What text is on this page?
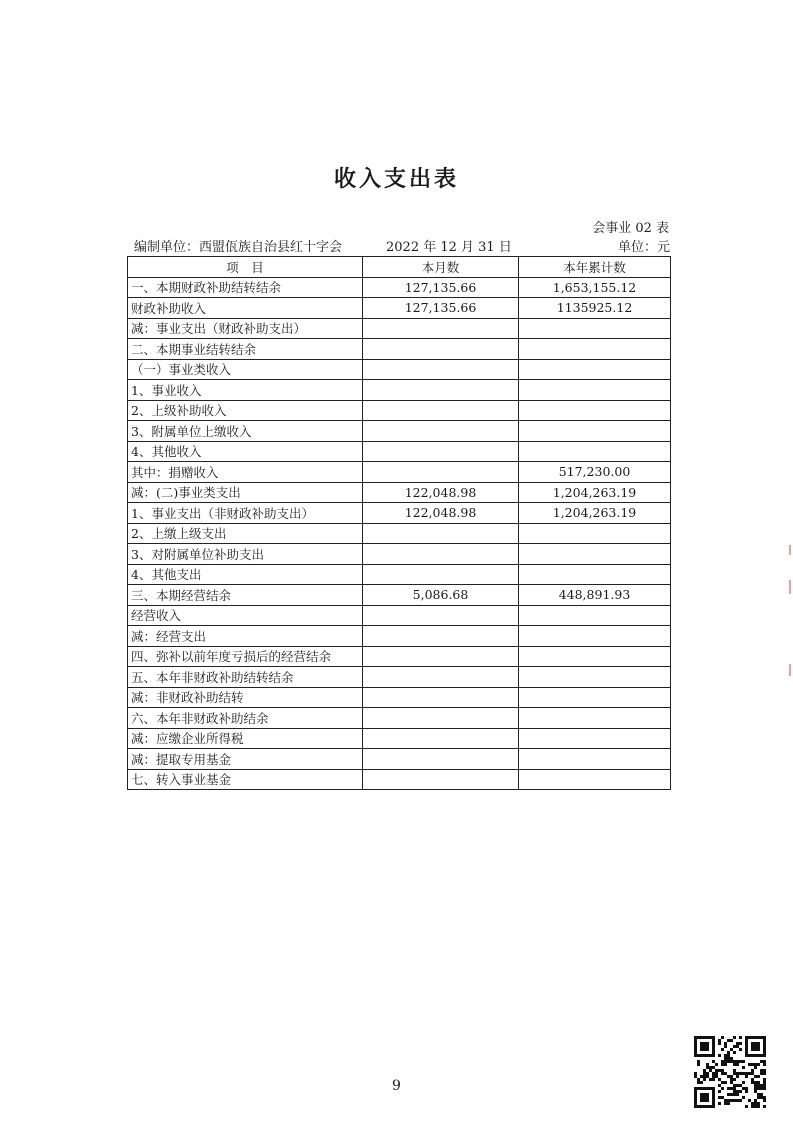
收入支出表
会事业 02 表
编制单位：西盟佤族自治县红十字会	2022 年 12 月 31 日	单位：元
项　目	本月数	本年累计数
一、本期财政补助结转结余	127,135.66	1,653,155.12
财政补助收入	127,135.66	1135925.12
减：事业支出（财政补助支出）		
二、本期事业结转结余		
（一）事业类收入		
1、事业收入		
2、上级补助收入		
3、附属单位上缴收入		
4、其他收入		
其中：捐赠收入		517,230.00
减：(二)事业类支出	122,048.98	1,204,263.19
1、事业支出（非财政补助支出）	122,048.98	1,204,263.19
2、上缴上级支出		
3、对附属单位补助支出		
4、其他支出		
三、本期经营结余	5,086.68	448,891.93
经营收入		
减：经营支出		
四、弥补以前年度亏损后的经营结余		
五、本年非财政补助结转结余		
减：非财政补助结转		
六、本年非财政补助结余		
减：应缴企业所得税		
减：提取专用基金		
七、转入事业基金		
9
